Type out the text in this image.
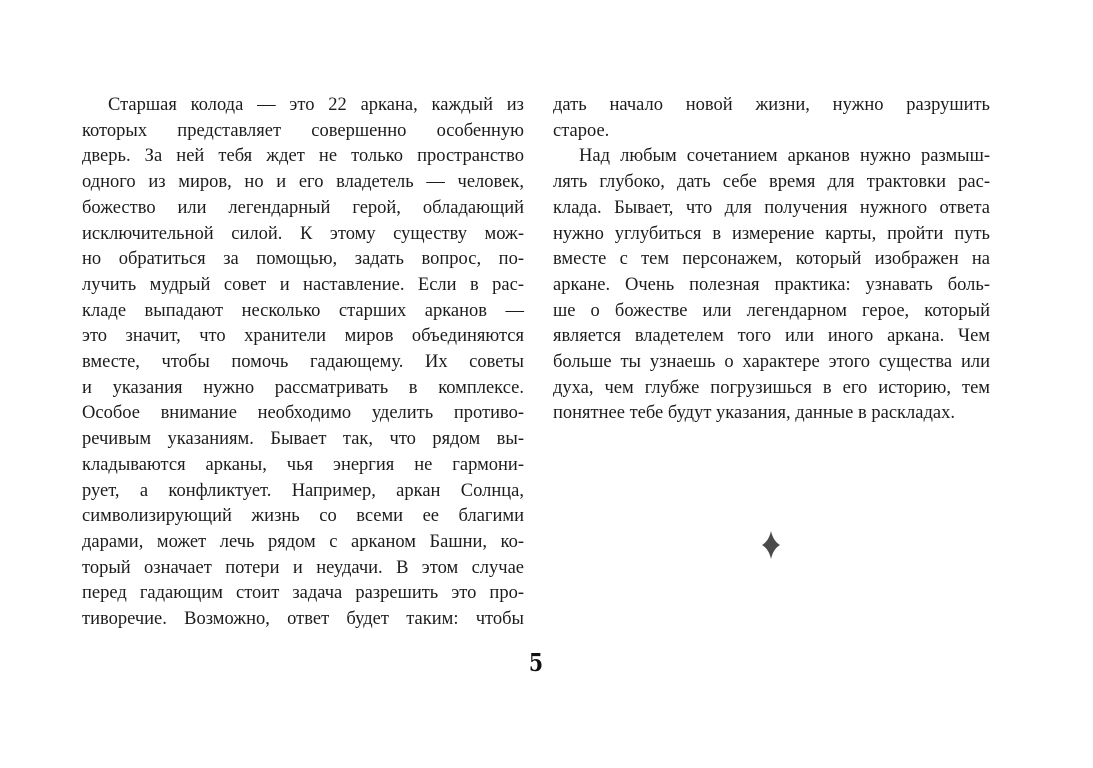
Старшая колода — это 22 аркана, каждый из
которых представляет совершенно особенную
дверь. За ней тебя ждет не только пространство
одного из миров, но и его владетель — человек,
божество или легендарный герой, обладающий
исключительной силой. К этому существу мож-
но обратиться за помощью, задать вопрос, по-
лучить мудрый совет и наставление. Если в рас-
кладе выпадают несколько старших арканов —
это значит, что хранители миров объединяются
вместе, чтобы помочь гадающему. Их советы
и указания нужно рассматривать в комплексе.
Особое внимание необходимо уделить противо-
речивым указаниям. Бывает так, что рядом вы-
кладываются арканы, чья энергия не гармони-
рует, а конфликтует. Например, аркан Солнца,
символизирующий жизнь со всеми ее благими
дарами, может лечь рядом с арканом Башни, ко-
торый означает потери и неудачи. В этом случае
перед гадающим стоит задача разрешить это про-
тиворечие. Возможно, ответ будет таким: чтобы
дать начало новой жизни, нужно разрушить
старое.
Над любым сочетанием арканов нужно размыш-
лять глубоко, дать себе время для трактовки рас-
клада. Бывает, что для получения нужного ответа
нужно углубиться в измерение карты, пройти путь
вместе с тем персонажем, который изображен на
аркане. Очень полезная практика: узнавать боль-
ше о божестве или легендарном герое, который
является владетелем того или иного аркана. Чем
больше ты узнаешь о характере этого существа или
духа, чем глубже погрузишься в его историю, тем
понятнее тебе будут указания, данные в раскладах.
5
